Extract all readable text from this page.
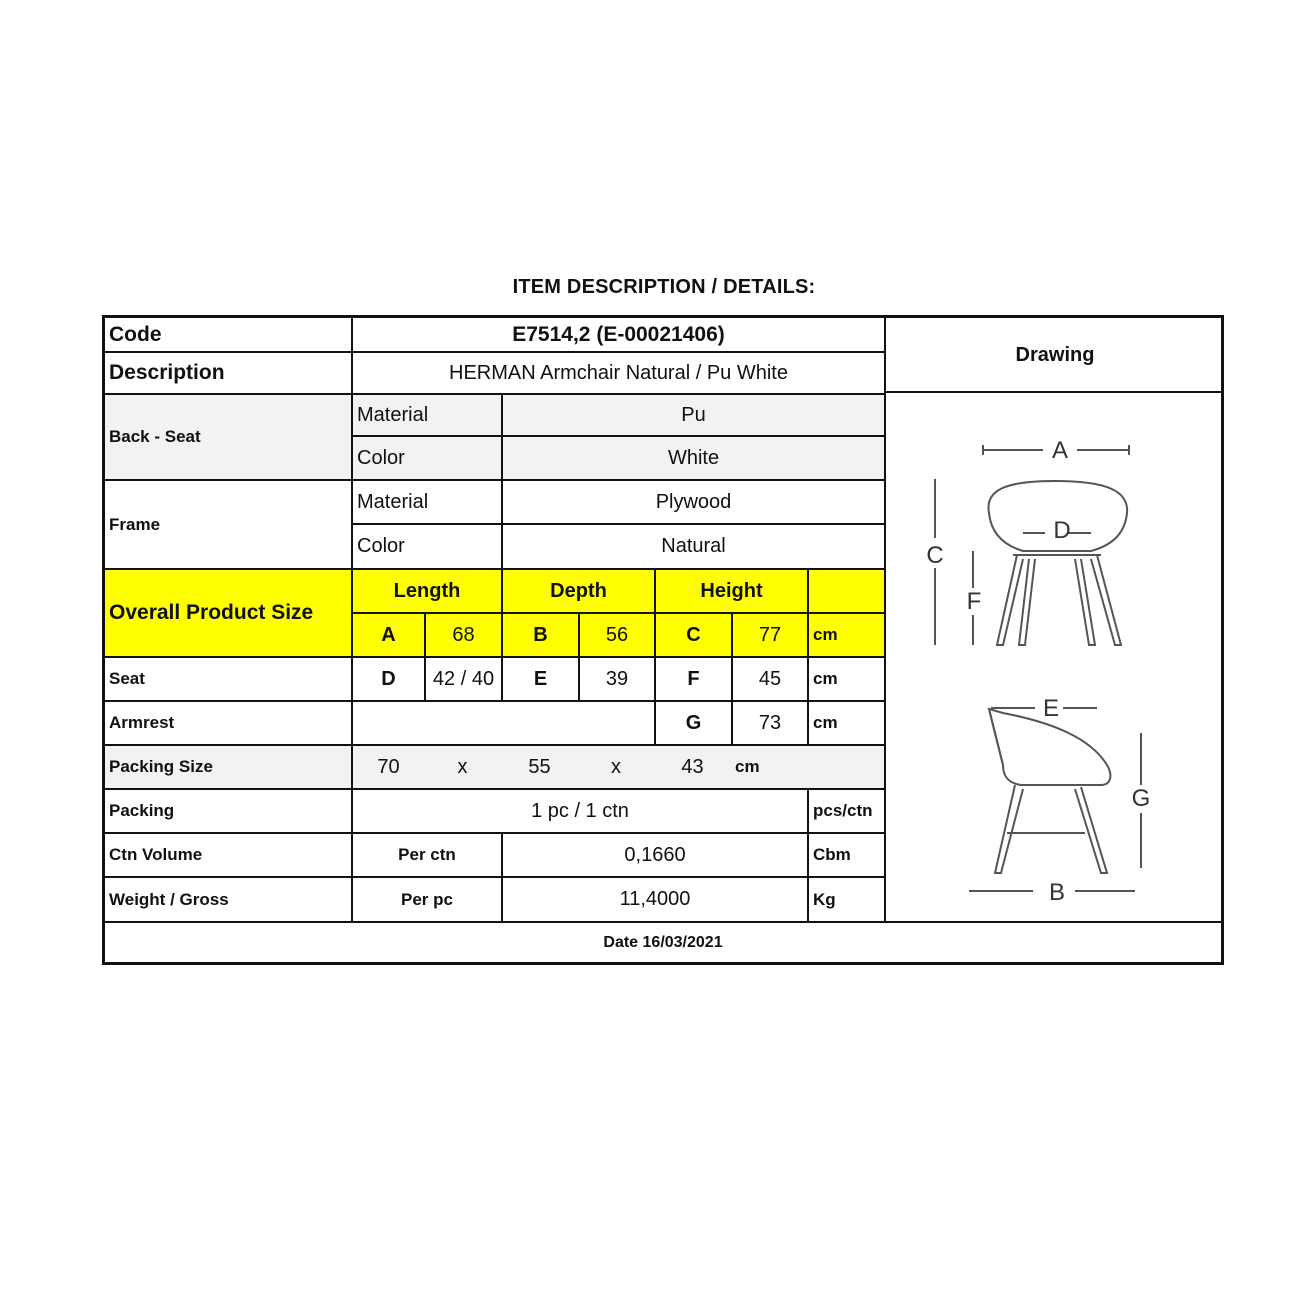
ITEM DESCRIPTION / DETAILS:
Code	E7514,2 (E-00021406)
Drawing
Description	HERMAN Armchair Natural / Pu White
Back - Seat
Material	Pu
Color	White
Frame
Material	Plywood
Color	Natural
Overall Product Size
Length	Depth	Height
A	68	B	56	C	77	cm
Seat	D	42 / 40	E	39	F	45	cm
Armrest	G	73	cm
Packing Size	70	x	55	x	43	cm
Packing	1 pc / 1 ctn	pcs/ctn
Ctn Volume	Per ctn	0,1660	Cbm
Weight / Gross	Per pc	11,4000	Kg
A
D
C
F
E
G
B
Date 16/03/2021
